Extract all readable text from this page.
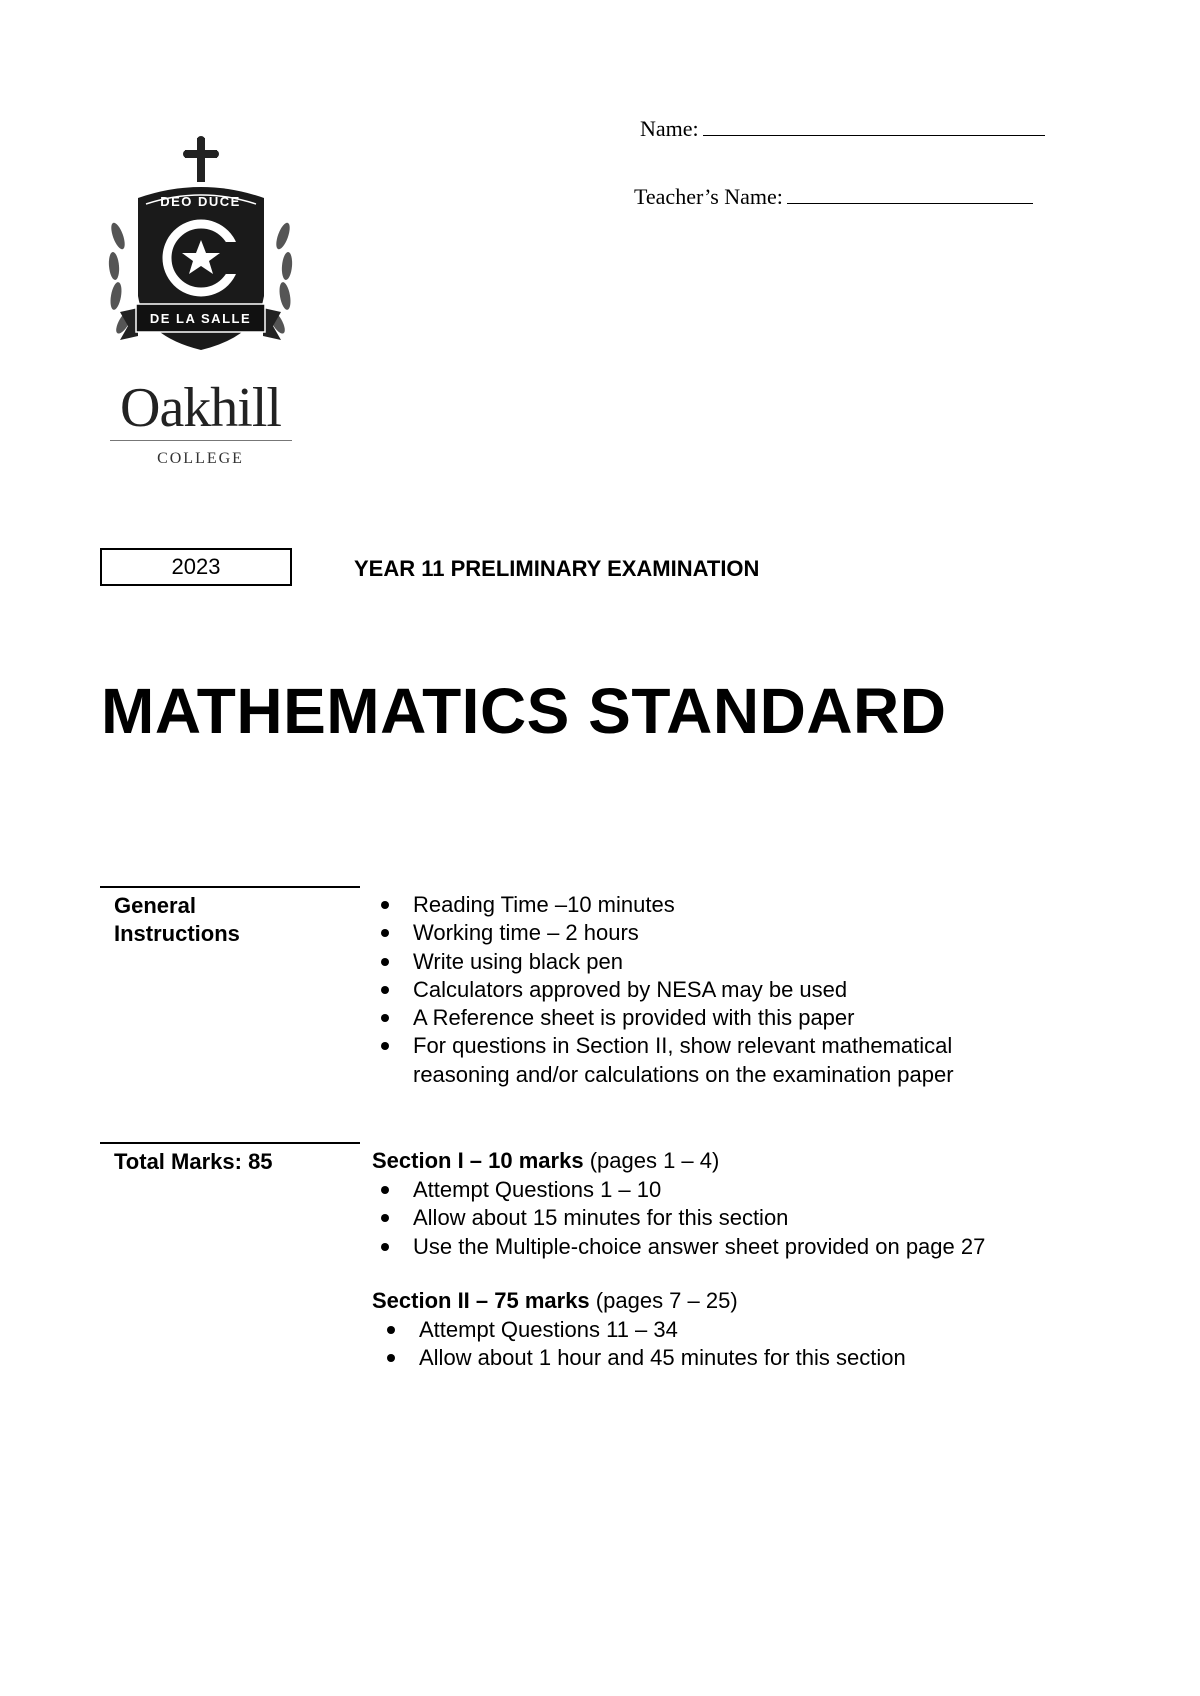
Name:
Teacher’s Name:
DEO DUCE
DE LA SALLE
Oakhill
COLLEGE
2023	YEAR 11 PRELIMINARY EXAMINATION
MATHEMATICS STANDARD
General
Instructions
Reading Time –10 minutes
Working time – 2 hours
Write using black pen
Calculators approved by NESA may be used
A Reference sheet is provided with this paper
For questions in Section II, show relevant mathematical reasoning and/or calculations on the examination paper
Total Marks: 85	Section I – 10 marks (pages 1 – 4)
Attempt Questions 1 – 10
Allow about 15 minutes for this section
Use the Multiple-choice answer sheet provided on page 27
Section II – 75 marks (pages 7 – 25)
Attempt Questions 11 – 34
Allow about 1 hour and 45 minutes for this section
